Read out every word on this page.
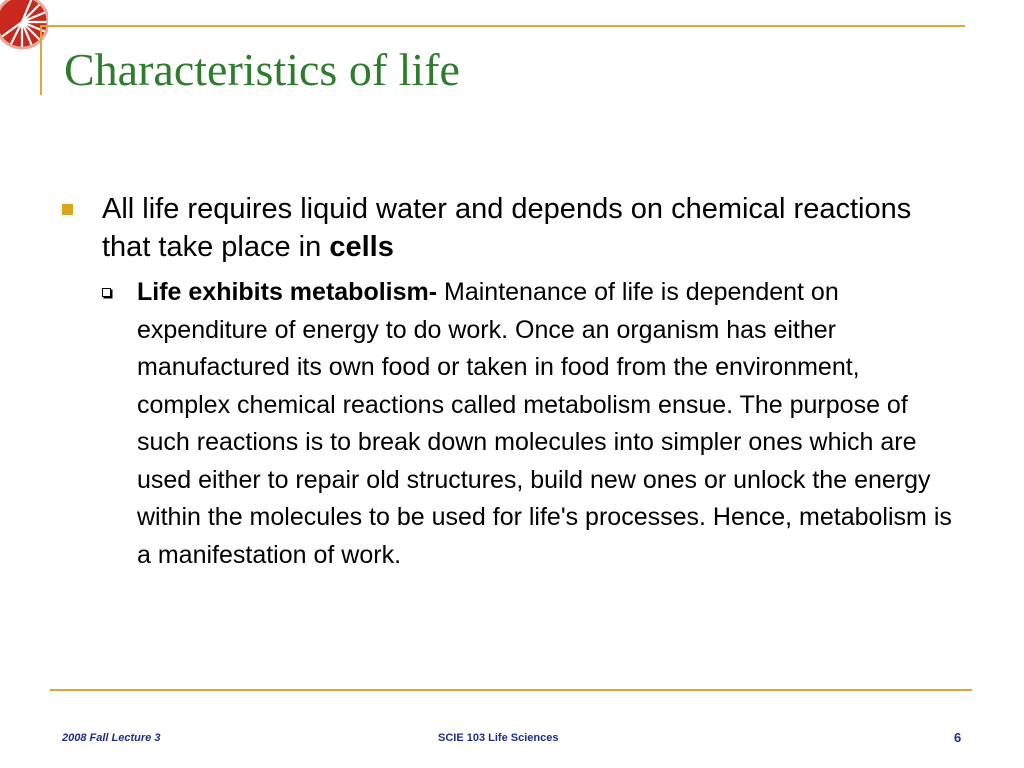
Characteristics of life
All life requires liquid water and depends on chemical reactions that take place in cells
Life exhibits metabolism- Maintenance of life is dependent on expenditure of energy to do work. Once an organism has either manufactured its own food or taken in food from the environment, complex chemical reactions called metabolism ensue. The purpose of such reactions is to break down molecules into simpler ones which are used either to repair old structures, build new ones or unlock the energy within the molecules to be used for life's processes. Hence, metabolism is a manifestation of work.
2008 Fall Lecture 3	SCIE 103 Life Sciences	6
